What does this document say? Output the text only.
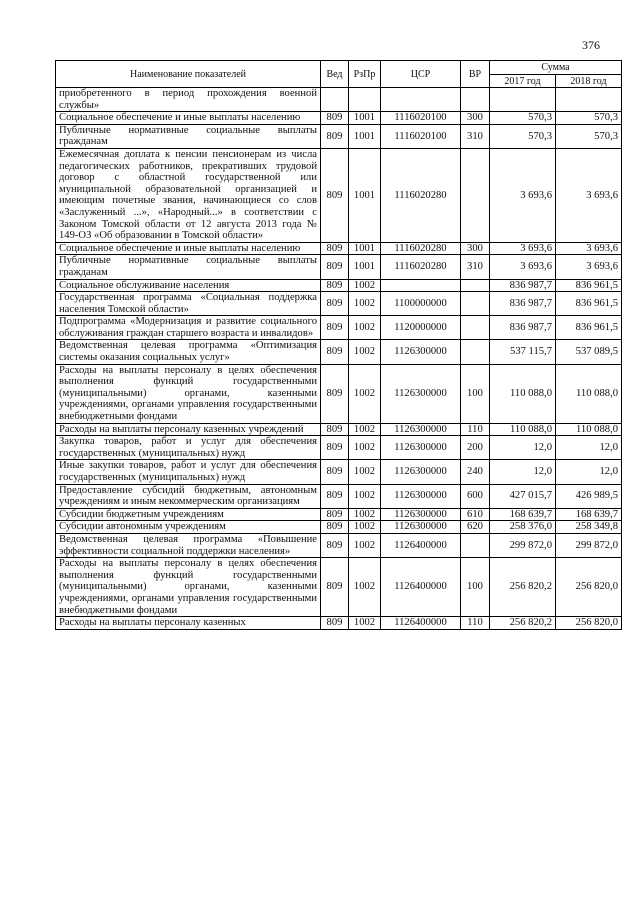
376
Наименование показателей	Вед	РзПр	ЦСР	ВР	Сумма	
					2017 год	2018 год
приобретенного в период прохождения военной службы»						
Социальное обеспечение и иные выплаты населению	809	1001	1116020100	300	570,3	570,3
Публичные нормативные социальные выплаты гражданам	809	1001	1116020100	310	570,3	570,3
Ежемесячная доплата к пенсии пенсионерам из числа педагогических работников, прекративших трудовой договор с областной государственной или муниципальной образовательной организацией и имеющим почетные звания, начинающиеся со слов «Заслуженный ...», «Народный...» в соответствии с Законом Томской области от 12 августа 2013 года № 149-ОЗ «Об образовании в Томской области»	809	1001	1116020280		3 693,6	3 693,6
Социальное обеспечение и иные выплаты населению	809	1001	1116020280	300	3 693,6	3 693,6
Публичные нормативные социальные выплаты гражданам	809	1001	1116020280	310	3 693,6	3 693,6
Социальное обслуживание населения	809	1002			836 987,7	836 961,5
Государственная программа «Социальная поддержка населения Томской области»	809	1002	1100000000		836 987,7	836 961,5
Подпрограмма «Модернизация и развитие социального обслуживания граждан старшего возраста и инвалидов»	809	1002	1120000000		836 987,7	836 961,5
Ведомственная целевая программа «Оптимизация системы оказания социальных услуг»	809	1002	1126300000		537 115,7	537 089,5
Расходы на выплаты персоналу в целях обеспечения выполнения функций государственными (муниципальными) органами, казенными учреждениями, органами управления государственными внебюджетными фондами	809	1002	1126300000	100	110 088,0	110 088,0
Расходы на выплаты персоналу казенных учреждений	809	1002	1126300000	110	110 088,0	110 088,0
Закупка товаров, работ и услуг для обеспечения государственных (муниципальных) нужд	809	1002	1126300000	200	12,0	12,0
Иные закупки товаров, работ и услуг для обеспечения государственных (муниципальных) нужд	809	1002	1126300000	240	12,0	12,0
Предоставление субсидий бюджетным, автономным учреждениям и иным некоммерческим организациям	809	1002	1126300000	600	427 015,7	426 989,5
Субсидии бюджетным учреждениям	809	1002	1126300000	610	168 639,7	168 639,7
Субсидии автономным учреждениям	809	1002	1126300000	620	258 376,0	258 349,8
Ведомственная целевая программа «Повышение эффективности социальной поддержки населения»	809	1002	1126400000		299 872,0	299 872,0
Расходы на выплаты персоналу в целях обеспечения выполнения функций государственными (муниципальными) органами, казенными учреждениями, органами управления государственными внебюджетными фондами	809	1002	1126400000	100	256 820,2	256 820,0
Расходы на выплаты персоналу казенных	809	1002	1126400000	110	256 820,2	256 820,0
